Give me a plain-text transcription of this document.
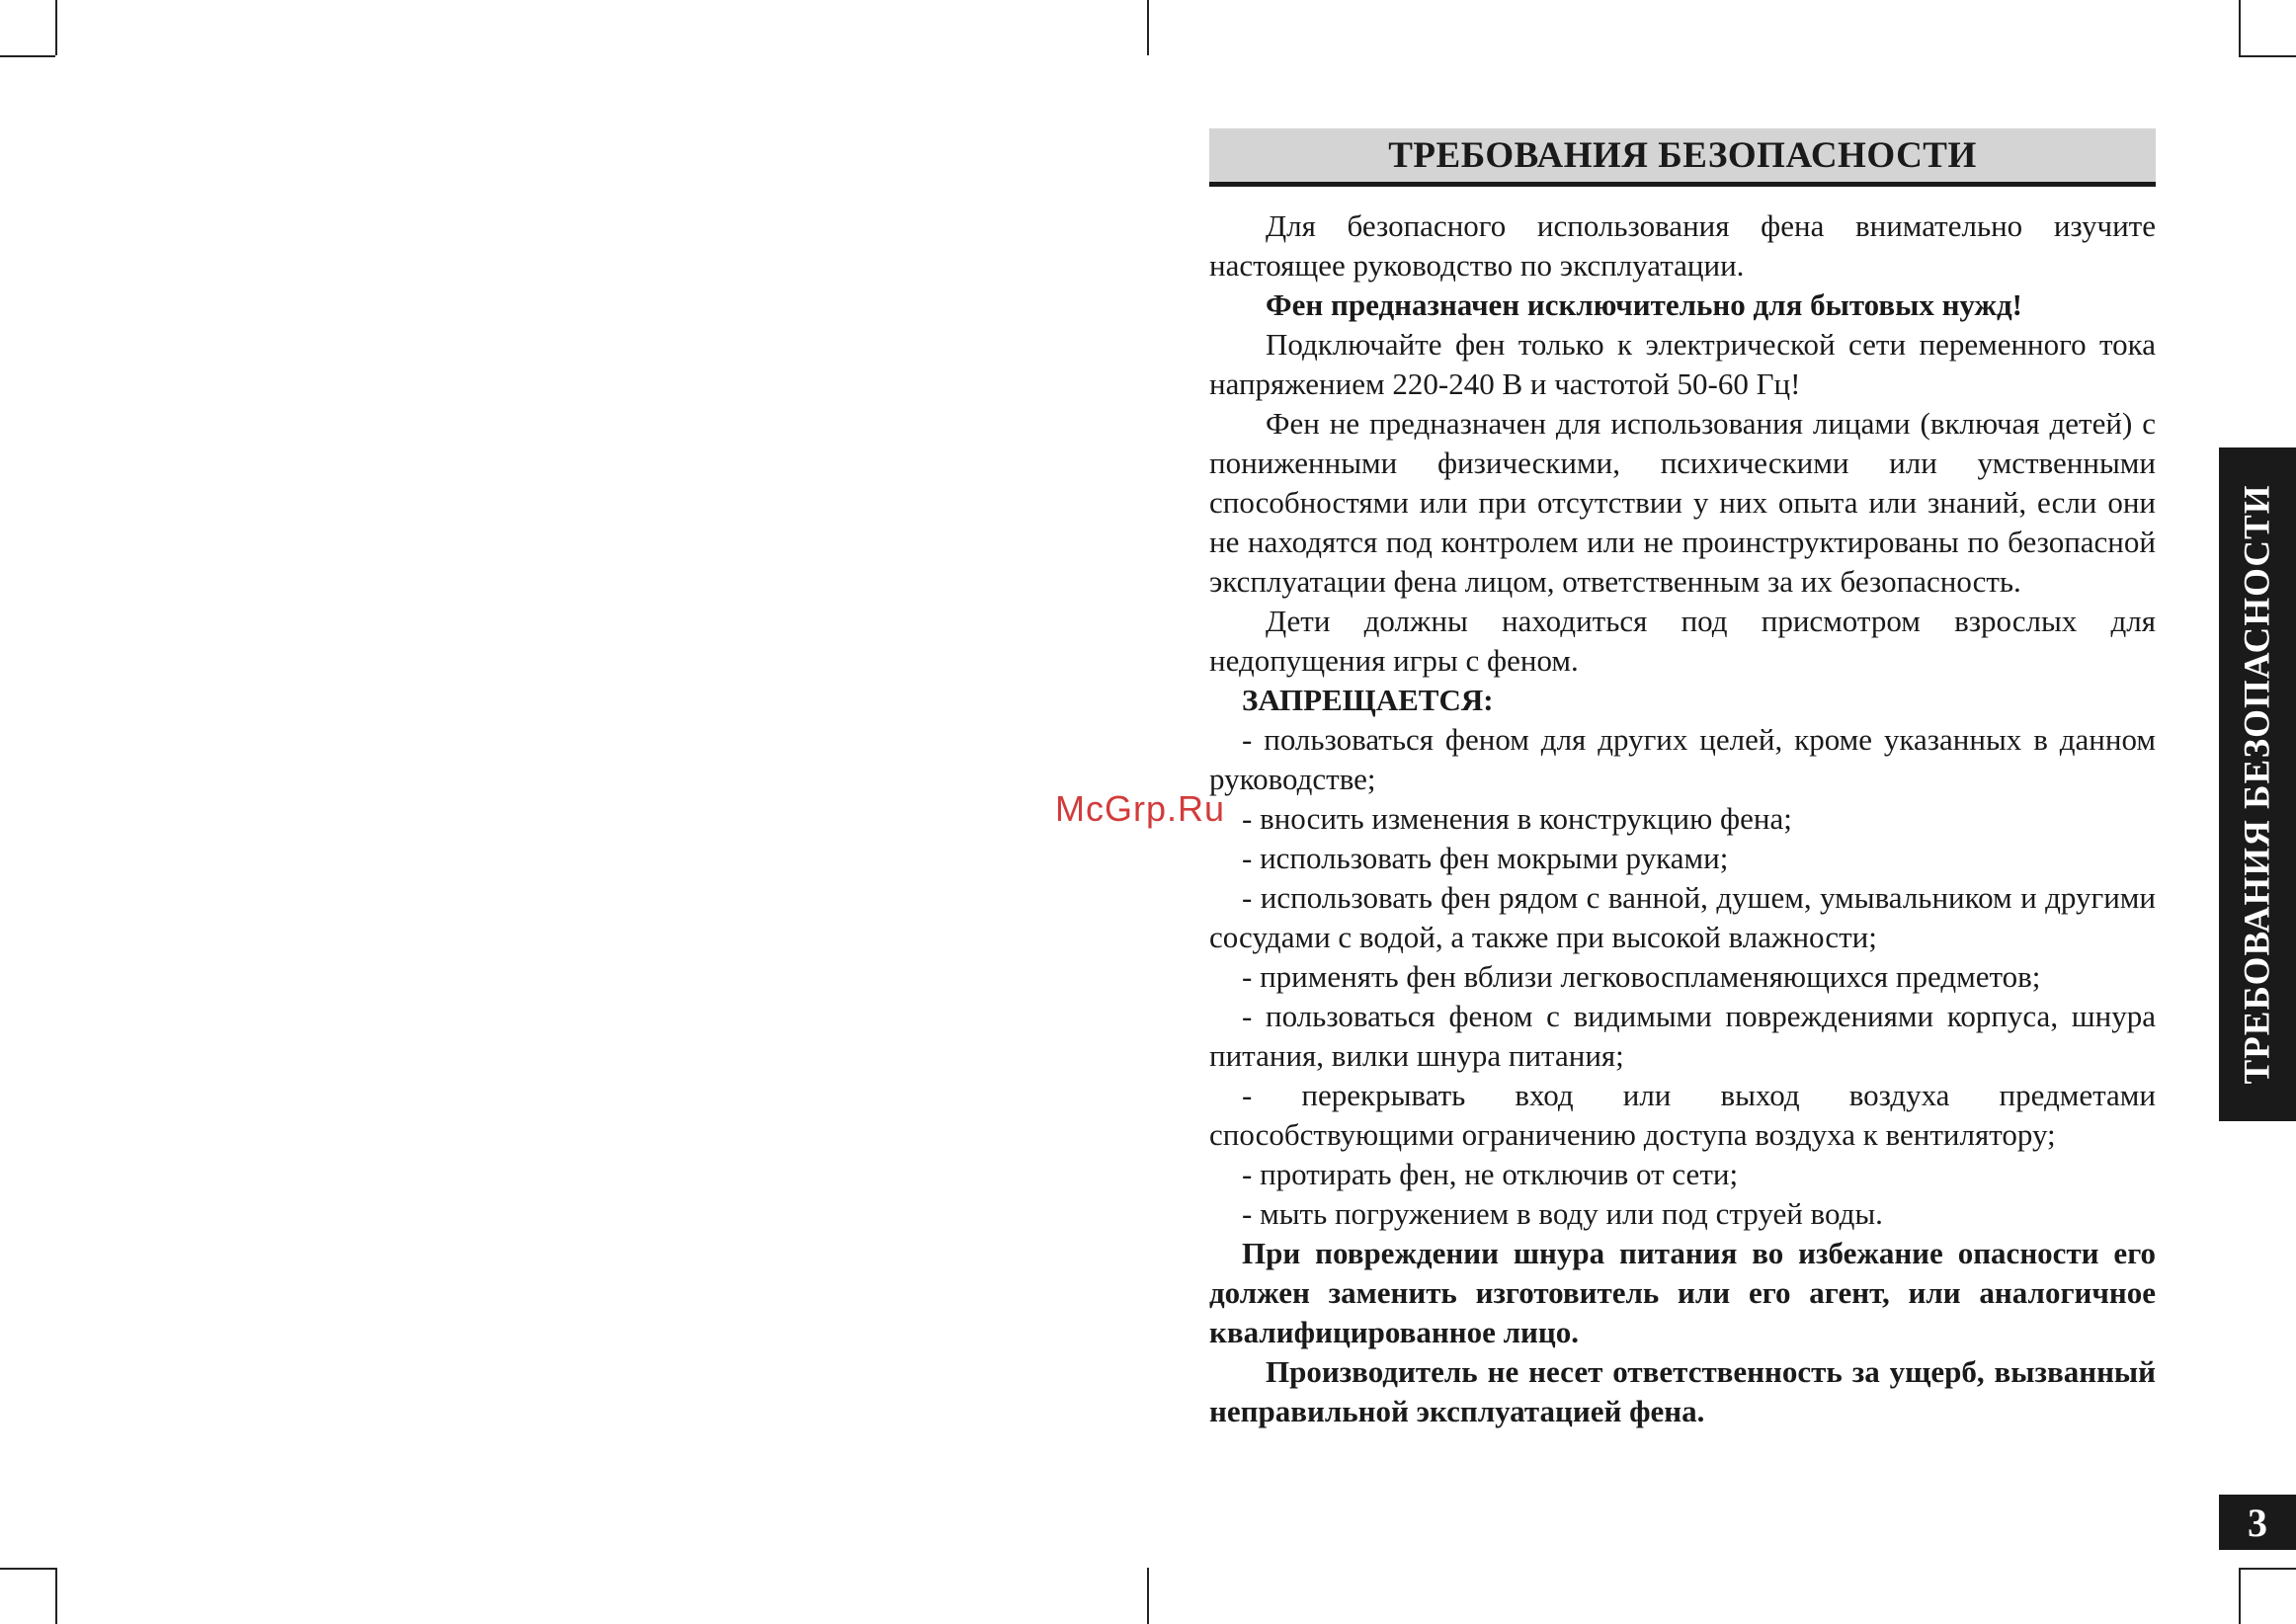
McGrp.Ru
ТРЕБОВАНИЯ БЕЗОПАСНОСТИ

Для безопасного использования фена внимательно изучите настоящее руководство по эксплуатации.

Фен предназначен исключительно для бытовых нужд!

Подключайте фен только к электрической сети переменного тока напряжением 220-240 В и частотой 50-60 Гц!

Фен не предназначен для использования лицами (включая детей) с пониженными физическими, психическими или умственными способностями или при отсутствии у них опыта или знаний, если они не находятся под контролем или не проинструктированы по безопасной эксплуатации фена лицом, ответственным за их безопасность.

Дети должны находиться под присмотром взрослых для недопущения игры с феном.

ЗАПРЕЩАЕТСЯ:

- пользоваться феном для других целей, кроме указанных в данном руководстве;

- вносить изменения в конструкцию фена;

- использовать фен мокрыми руками;

- использовать фен рядом с ванной, душем, умывальником и другими сосудами с водой, а также при высокой влажности;

- применять фен вблизи легковоспламеняющихся предметов;

- пользоваться феном с видимыми повреждениями корпуса, шнура питания, вилки шнура питания;

- перекрывать вход или выход воздуха предметами способствующими ограничению доступа воздуха к вентилятору;

- протирать фен, не отключив от сети;

- мыть погружением в воду или под струей воды.

При повреждении шнура питания во избежание опасности его должен заменить изготовитель или его агент, или аналогичное квалифицированное лицо.

Производитель не несет ответственность за ущерб, вызванный неправильной эксплуатацией фена.

ТРЕБОВАНИЯ БЕЗОПАСНОСТИ
3
